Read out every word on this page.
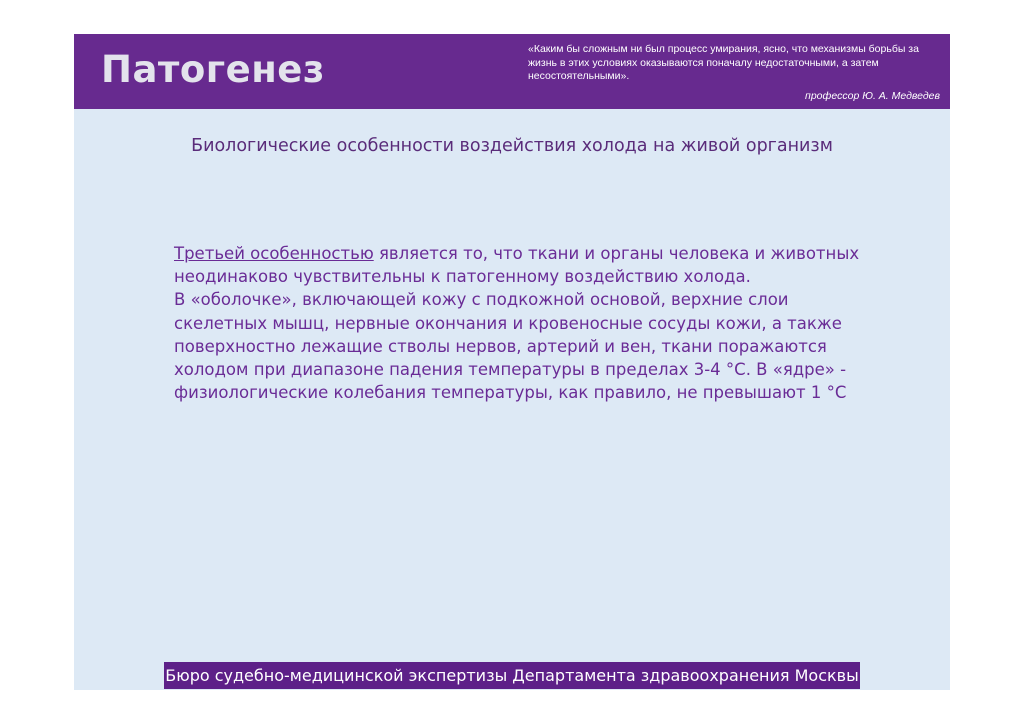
Патогенез	«Каким бы сложным ни был процесс умирания, ясно, что механизмы борьбы за жизнь в этих условиях оказываются поначалу недостаточными, а затем несостоятельными».
профессор Ю. А. Медведев
Биологические особенности воздействия холода на живой организм

Третьей особенностью является то, что ткани и органы человека и животных неодинаково чувствительны к патогенному воздействию холода.

В «оболочке», включающей кожу с подкожной основой, верхние слои скелетных мышц, нервные окончания и кровеносные сосуды кожи, а также поверхностно лежащие стволы нервов, артерий и вен, ткани поражаются холодом при диапазоне падения температуры в пределах 3-4 °С. В «ядре» - физиологические колебания температуры, как правило, не превышают 1 °С

Бюро судебно-медицинской экспертизы Департамента здравоохранения Москвы
